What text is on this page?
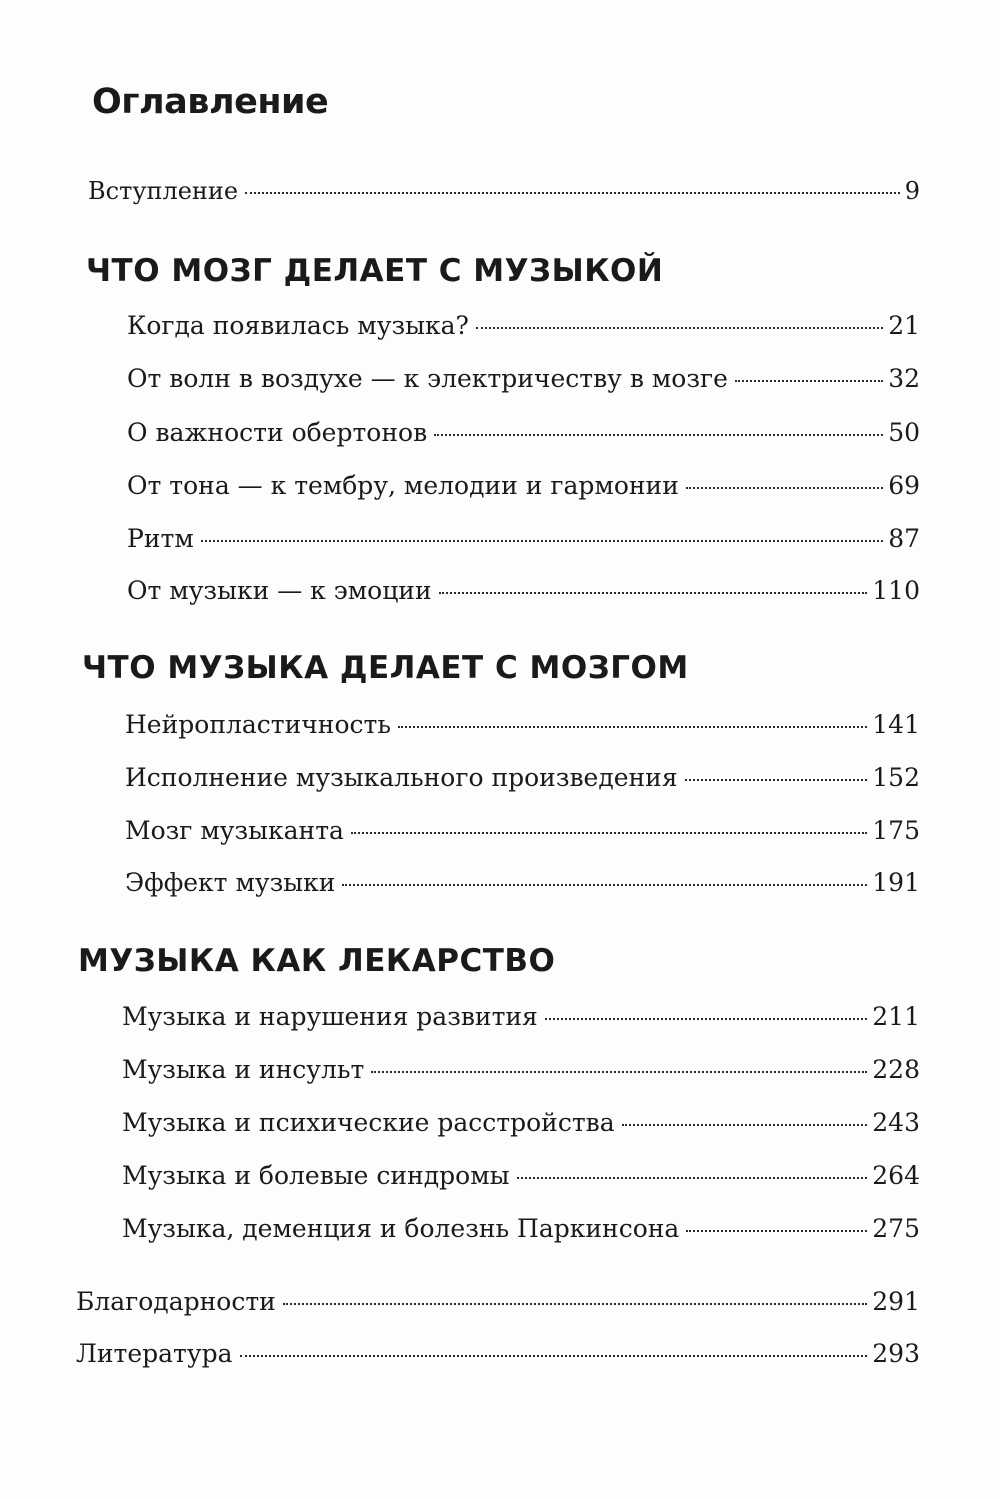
Оглавление
Вступление	9
ЧТО МОЗГ ДЕЛАЕТ С МУЗЫКОЙ
Когда появилась музыка?	21
От волн в воздухе — к электричеству в мозге	32
О важности обертонов	50
От тона — к тембру, мелодии и гармонии	69
Ритм	87
От музыки — к эмоции	110
ЧТО МУЗЫКА ДЕЛАЕТ С МОЗГОМ
Нейропластичность	141
Исполнение музыкального произведения	152
Мозг музыканта	175
Эффект музыки	191
МУЗЫКА КАК ЛЕКАРСТВО
Музыка и нарушения развития	211
Музыка и инсульт	228
Музыка и психические расстройства	243
Музыка и болевые синдромы	264
Музыка, деменция и болезнь Паркинсона	275
Благодарности	291
Литература	293
